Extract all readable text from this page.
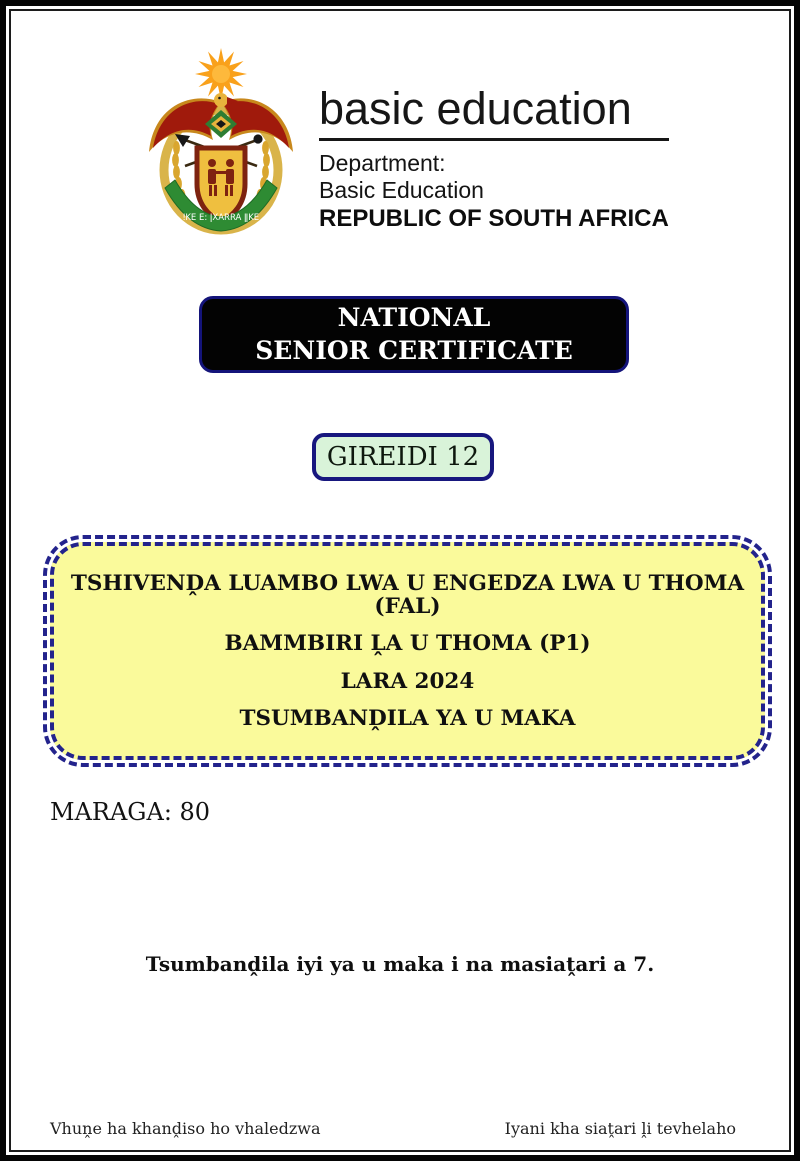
ǃKE E: ǀXARRA ǁKE
basic education
Department:
Basic Education
REPUBLIC OF SOUTH AFRICA
NATIONAL
SENIOR CERTIFICATE
GIREIDI 12

TSHIVENḒA LUAMBO LWA U ENGEDZA LWA U THOMA (FAL)

BAMMBIRI ḼA U THOMA (P1)

LARA 2024

TSUMBANḒILA YA U MAKA

MARAGA: 80
Tsumbanḓila iyi ya u maka i na masiaṱari a 7.
Vhuṋe ha khanḓiso ho vhaledzwa	Iyani kha siaṱari ḽi tevhelaho
